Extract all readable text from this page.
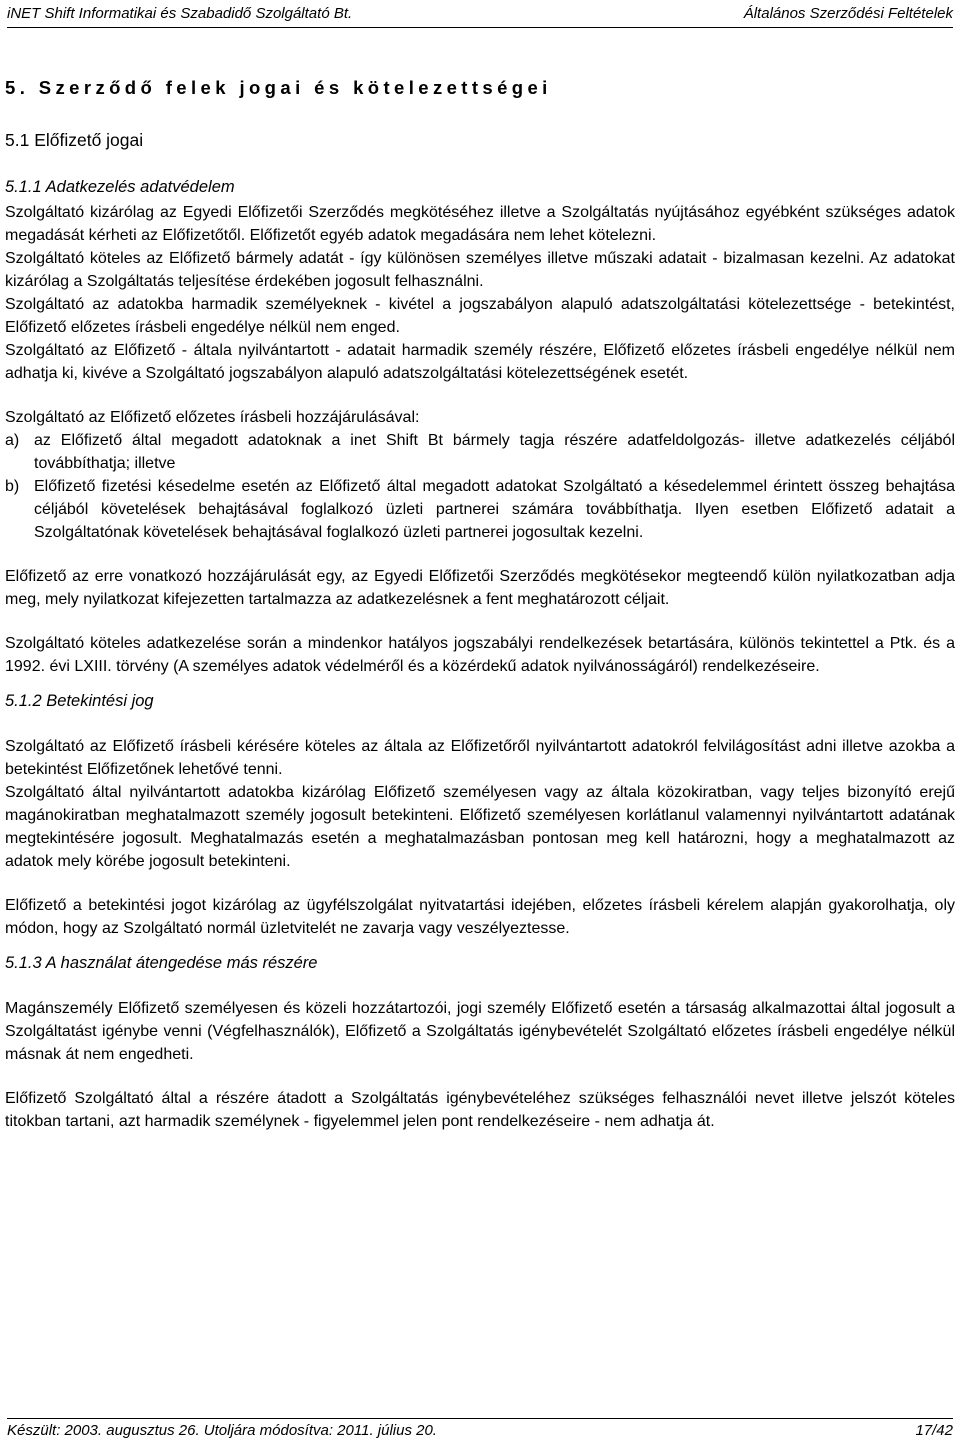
iNET Shift Informatikai és Szabadidő Szolgáltató Bt.	Általános Szerződési Feltételek
5. Szerződő felek jogai és kötelezettségei
5.1 Előfizető jogai
5.1.1 Adatkezelés adatvédelem

Szolgáltató kizárólag az Egyedi Előfizetői Szerződés megkötéséhez illetve a Szolgáltatás nyújtásához egyébként szükséges adatok megadását kérheti az Előfizetőtől. Előfizetőt egyéb adatok megadására nem lehet kötelezni.

Szolgáltató köteles az Előfizető bármely adatát - így különösen személyes illetve műszaki adatait - bizalmasan kezelni. Az adatokat kizárólag a Szolgáltatás teljesítése érdekében jogosult felhasználni.

Szolgáltató az adatokba harmadik személyeknek - kivétel a jogszabályon alapuló adatszolgáltatási kötelezettsége - betekintést, Előfizető előzetes írásbeli engedélye nélkül nem enged.

Szolgáltató az Előfizető - általa nyilvántartott - adatait harmadik személy részére, Előfizető előzetes írásbeli engedélye nélkül nem adhatja ki, kivéve a Szolgáltató jogszabályon alapuló adatszolgáltatási kötelezettségének esetét.

Szolgáltató az Előfizető előzetes írásbeli hozzájárulásával:

a) az Előfizető által megadott adatoknak a inet Shift Bt bármely tagja részére adatfeldolgozás- illetve adatkezelés céljából továbbíthatja; illetve
b) Előfizető fizetési késedelme esetén az Előfizető által megadott adatokat Szolgáltató a késedelemmel érintett összeg behajtása céljából követelések behajtásával foglalkozó üzleti partnerei számára továbbíthatja. Ilyen esetben Előfizető adatait a Szolgáltatónak követelések behajtásával foglalkozó üzleti partnerei jogosultak kezelni.

Előfizető az erre vonatkozó hozzájárulását egy, az Egyedi Előfizetői Szerződés megkötésekor megteendő külön nyilatkozatban adja meg, mely nyilatkozat kifejezetten tartalmazza az adatkezelésnek a fent meghatározott céljait.

Szolgáltató köteles adatkezelése során a mindenkor hatályos jogszabályi rendelkezések betartására, különös tekintettel a Ptk. és a 1992. évi LXIII. törvény (A személyes adatok védelméről és a közérdekű adatok nyilvánosságáról) rendelkezéseire.

5.1.2 Betekintési jog

Szolgáltató az Előfizető írásbeli kérésére köteles az általa az Előfizetőről nyilvántartott adatokról felvilágosítást adni illetve azokba a betekintést Előfizetőnek lehetővé tenni.

Szolgáltató által nyilvántartott adatokba kizárólag Előfizető személyesen vagy az általa közokiratban, vagy teljes bizonyító erejű magánokiratban meghatalmazott személy jogosult betekinteni. Előfizető személyesen korlátlanul valamennyi nyilvántartott adatának megtekintésére jogosult. Meghatalmazás esetén a meghatalmazásban pontosan meg kell határozni, hogy a meghatalmazott az adatok mely körébe jogosult betekinteni.

Előfizető a betekintési jogot kizárólag az ügyfélszolgálat nyitvatartási idejében, előzetes írásbeli kérelem alapján gyakorolhatja, oly módon, hogy az Szolgáltató normál üzletvitelét ne zavarja vagy veszélyeztesse.

5.1.3 A használat átengedése más részére

Magánszemély Előfizető személyesen és közeli hozzátartozói, jogi személy Előfizető esetén a társaság alkalmazottai által jogosult a Szolgáltatást igénybe venni (Végfelhasználók), Előfizető a Szolgáltatás igénybevételét Szolgáltató előzetes írásbeli engedélye nélkül másnak át nem engedheti.

Előfizető Szolgáltató által a részére átadott a Szolgáltatás igénybevételéhez szükséges felhasználói nevet illetve jelszót köteles titokban tartani, azt harmadik személynek - figyelemmel jelen pont rendelkezéseire - nem adhatja át.

Készült: 2003. augusztus 26. Utoljára módosítva: 2011. július 20.	17/42
